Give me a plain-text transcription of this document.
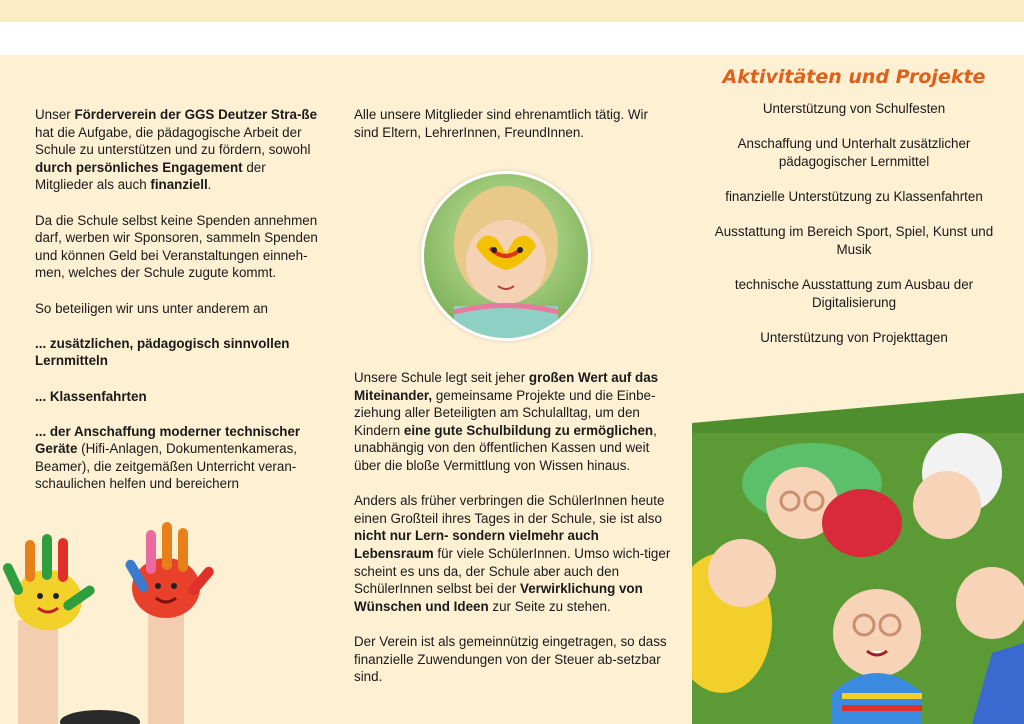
Unser Förderverein der GGS Deutzer Stra-ße hat die Aufgabe, die pädagogische Arbeit der Schule zu unterstützen und zu fördern, sowohl durch persönliches Engagement der Mitglieder als auch finanziell.

Da die Schule selbst keine Spenden annehmen darf, werben wir Sponsoren, sammeln Spenden und können Geld bei Veranstaltungen einneh-men, welches der Schule zugute kommt.

So beteiligen wir uns unter anderem an

... zusätzlichen, pädagogisch sinnvollen Lernmitteln

... Klassenfahrten

... der Anschaffung moderner technischer Geräte (Hifi-Anlagen, Dokumentenkameras, Beamer), die zeitgemäßen Unterricht veran-schaulichen helfen und bereichern

Alle unsere Mitglieder sind ehrenamtlich tätig. Wir sind Eltern, LehrerInnen, FreundInnen.

Unsere Schule legt seit jeher großen Wert auf das Miteinander, gemeinsame Projekte und die Einbe-ziehung aller Beteiligten am Schulalltag, um den Kindern eine gute Schulbildung zu ermöglichen, unabhängig von den öffentlichen Kassen und weit über die bloße Vermittlung von Wissen hinaus.

Anders als früher verbringen die SchülerInnen heute einen Großteil ihres Tages in der Schule, sie ist also nicht nur Lern- sondern vielmehr auch Lebensraum für viele SchülerInnen. Umso wich-tiger scheint es uns da, der Schule aber auch den SchülerInnen selbst bei der Verwirklichung von Wünschen und Ideen zur Seite zu stehen.

Der Verein ist als gemeinnützig eingetragen, so dass finanzielle Zuwendungen von der Steuer ab-setzbar sind.

Aktivitäten und Projekte

Unterstützung von Schulfesten

Anschaffung und Unterhalt zusätzlicher pädagogischer Lernmittel

finanzielle Unterstützung zu Klassenfahrten

Ausstattung im Bereich Sport, Spiel, Kunst und Musik

technische Ausstattung zum Ausbau der Digitalisierung

Unterstützung von Projekttagen
